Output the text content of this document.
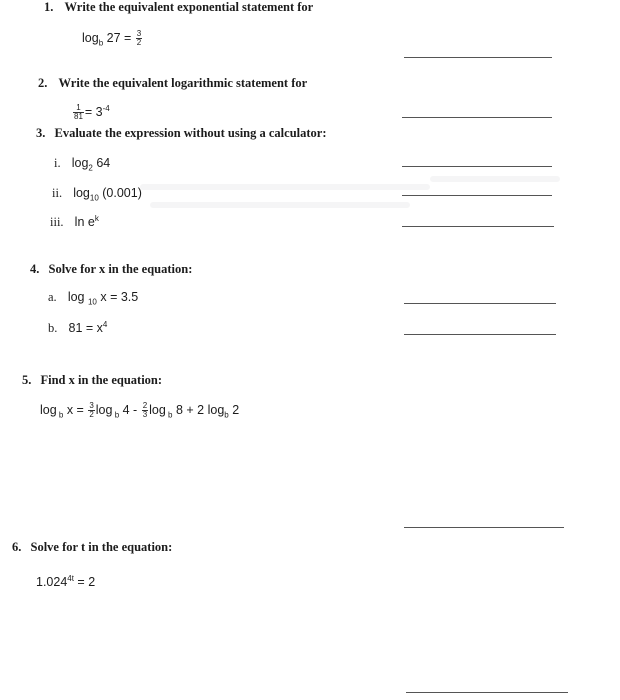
1. Write the equivalent exponential statement for
$\log_b 27 = \frac{3}{2}$
2. Write the equivalent logarithmic statement for
$\frac{1}{81} = 3^{-4}$
3. Evaluate the expression without using a calculator:
i. $\log_2 64$
ii. $\log_{10} (0.001)$
iii. $\ln e^k$
4. Solve for x in the equation:
a. log $_{10}$ x = 3.5
b. $81 = x^4$
5. Find x in the equation:
log $_b$ $x = \frac{3}{2}$ log $_b$ $4 - \frac{2}{3}$ log $_b$ 8 + 2 $\log_b 2$
6. Solve for t in the equation:
$1.024^{4t} = 2$
